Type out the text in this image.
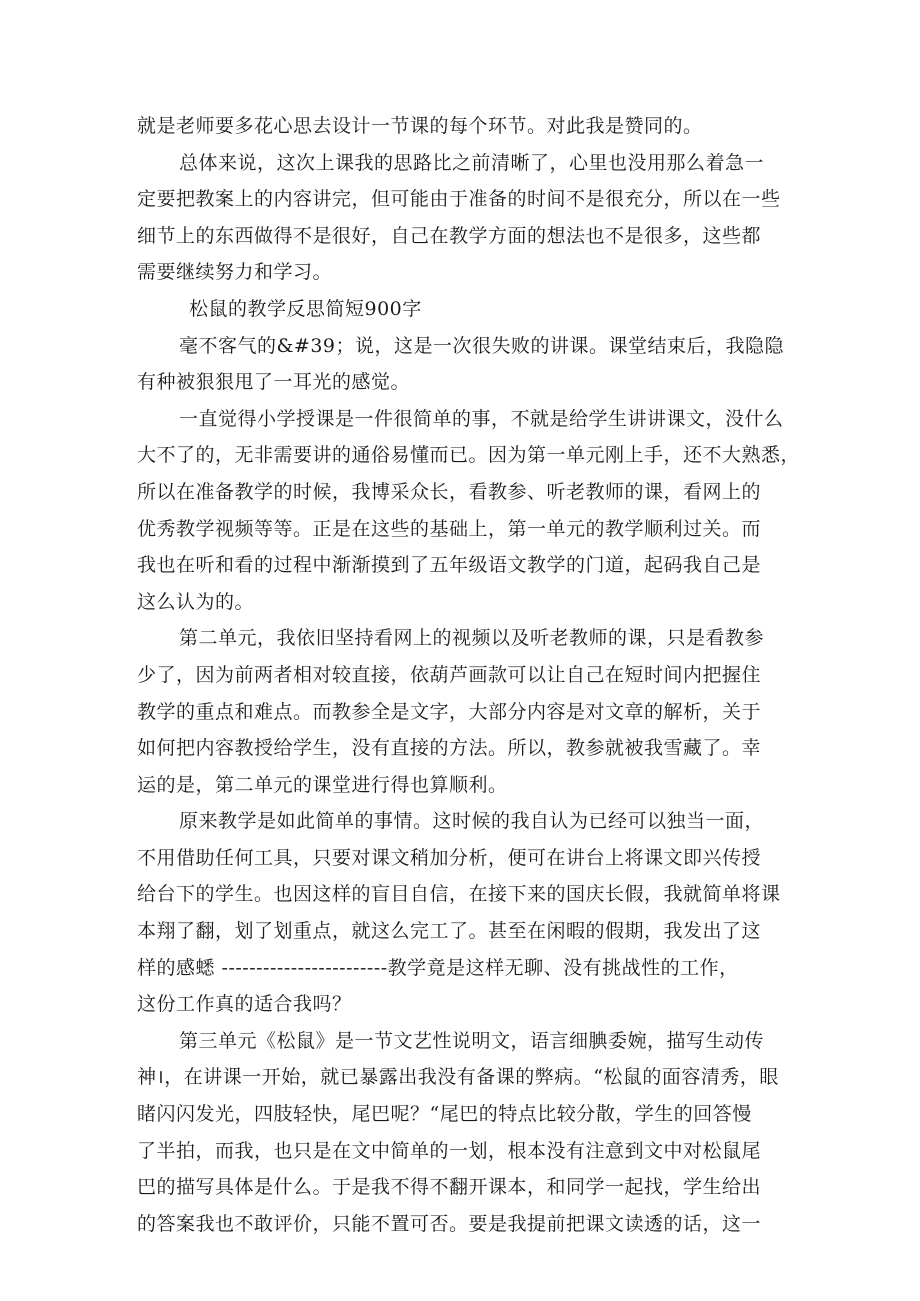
就是老师要多花心思去设计一节课的每个环节。对此我是赞同的。
总体来说，这次上课我的思路比之前清晰了，心里也没用那么着急一
定要把教案上的内容讲完，但可能由于准备的时间不是很充分，所以在一些
细节上的东西做得不是很好，自己在教学方面的想法也不是很多，这些都
需要继续努力和学习。
松鼠的教学反思简短900字
毫不客气的&#39；说，这是一次很失败的讲课。课堂结束后，我隐隐
有种被狠狠甩了一耳光的感觉。
一直觉得小学授课是一件很简单的事，不就是给学生讲讲课文，没什么
大不了的，无非需要讲的通俗易懂而已。因为第一单元刚上手，还不大熟悉，
所以在准备教学的时候，我博采众长，看教参、听老教师的课，看网上的
优秀教学视频等等。正是在这些的基础上，第一单元的教学顺利过关。而
我也在听和看的过程中渐渐摸到了五年级语文教学的门道，起码我自己是
这么认为的。
第二单元，我依旧坚持看网上的视频以及听老教师的课，只是看教参
少了，因为前两者相对较直接，依葫芦画款可以让自己在短时间内把握住
教学的重点和难点。而教参全是文字，大部分内容是对文章的解析，关于
如何把内容教授给学生，没有直接的方法。所以，教参就被我雪藏了。幸
运的是，第二单元的课堂进行得也算顺利。
原来教学是如此简单的事情。这时候的我自认为已经可以独当一面，
不用借助任何工具，只要对课文稍加分析，便可在讲台上将课文即兴传授
给台下的学生。也因这样的盲目自信，在接下来的国庆长假，我就简单将课
本翔了翻，划了划重点，就这么完工了。甚至在闲暇的假期，我发出了这
样的感蟋 ------------------------教学竟是这样无聊、没有挑战性的工作，
这份工作真的适合我吗？
第三单元《松鼠》是一节文艺性说明文，语言细腆委婉，描写生动传
神।，在讲课一开始，就已暴露出我没有备课的弊病。“松鼠的面容清秀，眼
睹闪闪发光，四肢轻快，尾巴呢？“尾巴的特点比较分散，学生的回答慢
了半拍，而我，也只是在文中简单的一划，根本没有注意到文中对松鼠尾
巴的描写具体是什么。于是我不得不翻开课本，和同学一起找，学生给出
的答案我也不敢评价，只能不置可否。要是我提前把课文读透的话，这一
